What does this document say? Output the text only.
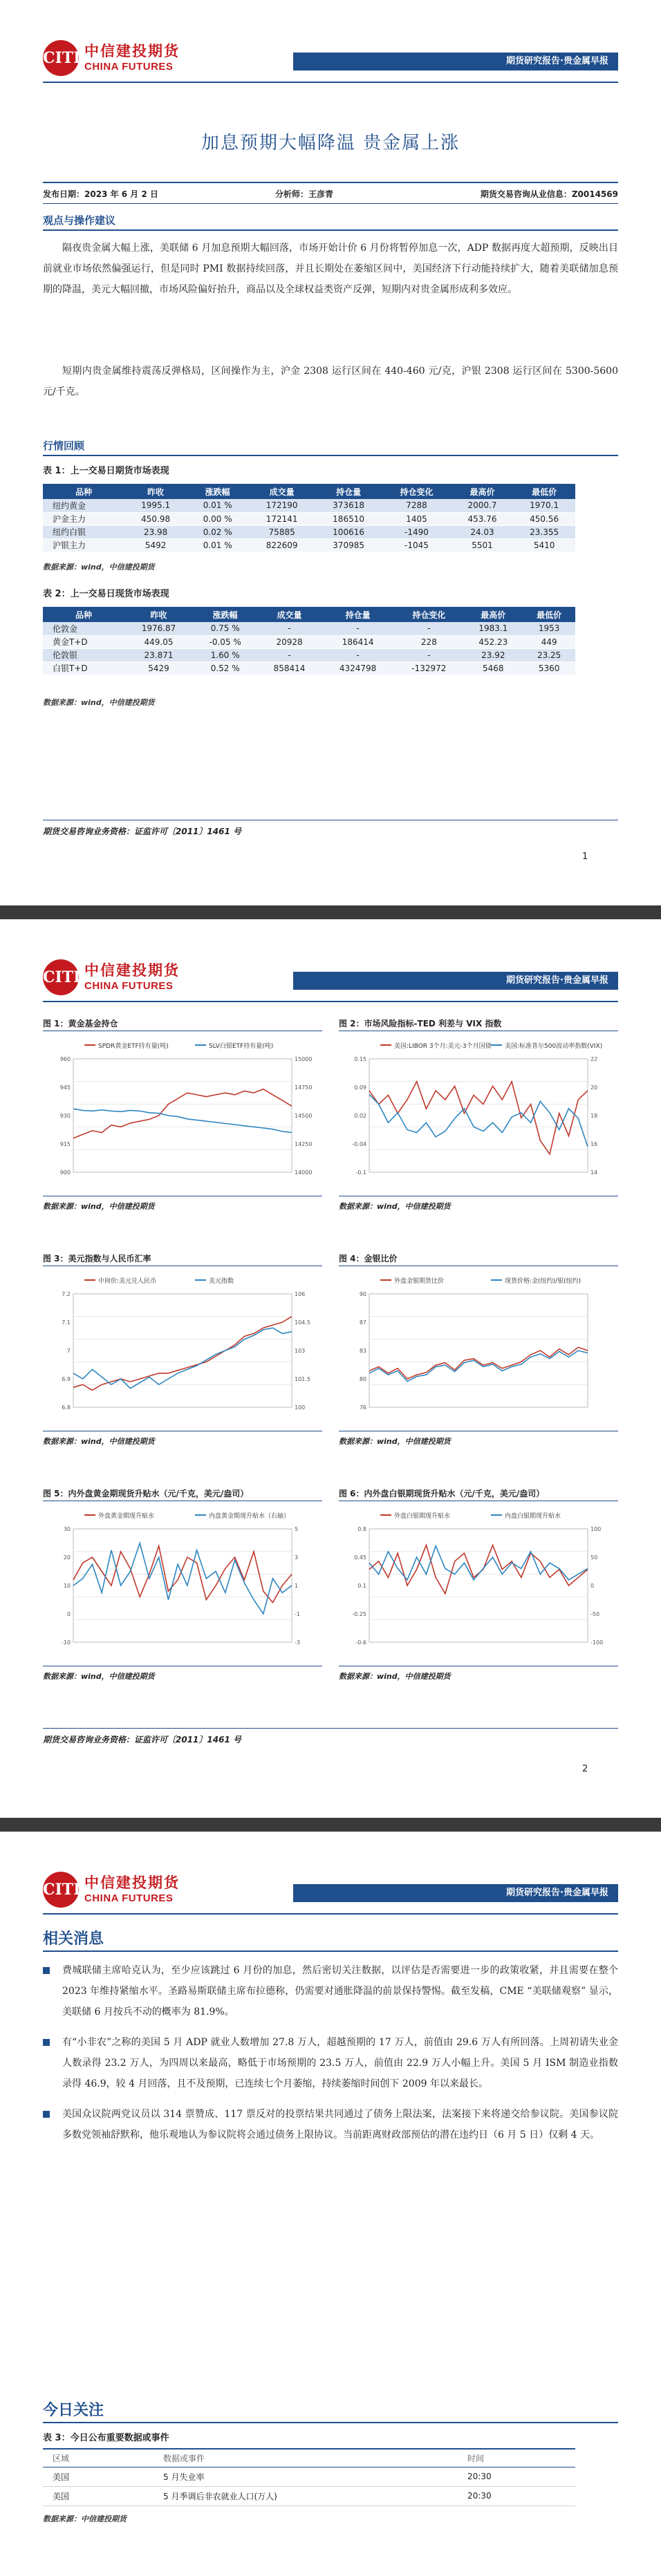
CITIC
中信建投期货
CHINA FUTURES	期货研究报告·贵金属早报
加息预期大幅降温 贵金属上涨
发布日期：2023 年 6 月 2 日	分析师：王彦青	期货交易咨询从业信息：Z0014569
观点与操作建议
隔夜贵金属大幅上涨，美联储 6 月加息预期大幅回落，市场开始计价 6 月份将暂停加息一次，ADP 数据再度大超预期，反映出目前就业市场依然偏强运行，但是同时 PMI 数据持续回落，并且长期处在萎缩区间中，美国经济下行动能持续扩大，随着美联储加息预期的降温，美元大幅回撤，市场风险偏好抬升，商品以及全球权益类资产反弹，短期内对贵金属形成利多效应。
短期内贵金属维持震荡反弹格局，区间操作为主，沪金 2308 运行区间在 440-460 元/克，沪银 2308 运行区间在 5300-5600 元/千克。
行情回顾
表 1：上一交易日期货市场表现
品种	昨收	涨跌幅	成交量	持仓量	持仓变化	最高价	最低价
纽约黄金	1995.1	0.01 %	172190	373618	7288	2000.7	1970.1
沪金主力	450.98	0.00 %	172141	186510	1405	453.76	450.56
纽约白银	23.98	0.02 %	75885	100616	-1490	24.03	23.355
沪银主力	5492	0.01 %	822609	370985	-1045	5501	5410
数据来源：wind，中信建投期货
表 2：上一交易日现货市场表现
品种	昨收	涨跌幅	成交量	持仓量	持仓变化	最高价	最低价
伦敦金	1976.87	0.75 %	-	-	-	1983.1	1953
黄金T+D	449.05	-0.05 %	20928	186414	228	452.23	449
伦敦银	23.871	1.60 %	-	-	-	23.92	23.25
白银T+D	5429	0.52 %	858414	4324798	-132972	5468	5360
数据来源：wind，中信建投期货
期货交易咨询业务资格：证监许可〔2011〕1461 号
1
CITIC
中信建投期货
CHINA FUTURES	期货研究报告·贵金属早报
图 1：黄金基金持仓
SPDR黄金ETF持有量(吨)	SLV白银ETF持有量(吨)
900
915
930
945
960
14000
14250
14500
14750
15000
数据来源：wind，中信建投期货
图 2：市场风险指标-TED 利差与 VIX 指数
美国:LIBOR 3个月:美元-3个月国债 美国:标准普尔500波动率指数(VIX)
-0.1
-0.04
0.02
0.09
0.15
14
16
18
20
22
数据来源：wind，中信建投期货
图 3：美元指数与人民币汇率
中间价:美元兑人民币	美元指数
6.8
6.9
7
7.1
7.2
100
101.5
103
104.5
106
数据来源：wind，中信建投期货
图 4：金银比价
外盘金银期货比价	现货价格:金(纽约)/银(纽约)
76
80
83
87
90
数据来源：wind，中信建投期货
图 5：内外盘黄金期现货升贴水（元/千克，美元/盎司）
外盘黄金期现升贴水	内盘黄金期现升贴水（右轴）
-10
0
10
20
30
-3
-1
1
3
5
数据来源：wind，中信建投期货
图 6：内外盘白银期现货升贴水（元/千克，美元/盎司）
外盘白银期现升贴水	内盘白银期现升贴水
-0.6
-0.25
0.1
0.45
0.8
-100
-50
0
50
100
数据来源：wind，中信建投期货
期货交易咨询业务资格：证监许可〔2011〕1461 号
2
CITIC
中信建投期货
CHINA FUTURES	期货研究报告·贵金属早报
相关消息
费城联储主席哈克认为，至少应该跳过 6 月份的加息，然后密切关注数据，以评估是否需要进一步的政策收紧，并且需要在整个 2023 年维持紧缩水平。圣路易斯联储主席布拉德称，仍需要对通胀降温的前景保持警惕。截至发稿，CME “美联储观察” 显示，美联储 6 月按兵不动的概率为 81.9%。
有“小非农”之称的美国 5 月 ADP 就业人数增加 27.8 万人，超越预期的 17 万人，前值由 29.6 万人有所回落。上周初请失业金人数录得 23.2 万人，为四周以来最高，略低于市场预期的 23.5 万人，前值由 22.9 万人小幅上升。美国 5 月 ISM 制造业指数录得 46.9，较 4 月回落，且不及预期，已连续七个月萎缩，持续萎缩时间创下 2009 年以来最长。
美国众议院两党议员以 314 票赞成、117 票反对的投票结果共同通过了债务上限法案，法案接下来将递交给参议院。美国参议院多数党领袖舒默称，他乐观地认为参议院将会通过债务上限协议。当前距离财政部预估的潜在违约日（6 月 5 日）仅剩 4 天。
今日关注
表 3：今日公布重要数据或事件
区域	数据或事件	时间
美国	5 月失业率	20:30
美国	5 月季调后非农就业人口(万人)	20:30
数据来源：中信建投期货
